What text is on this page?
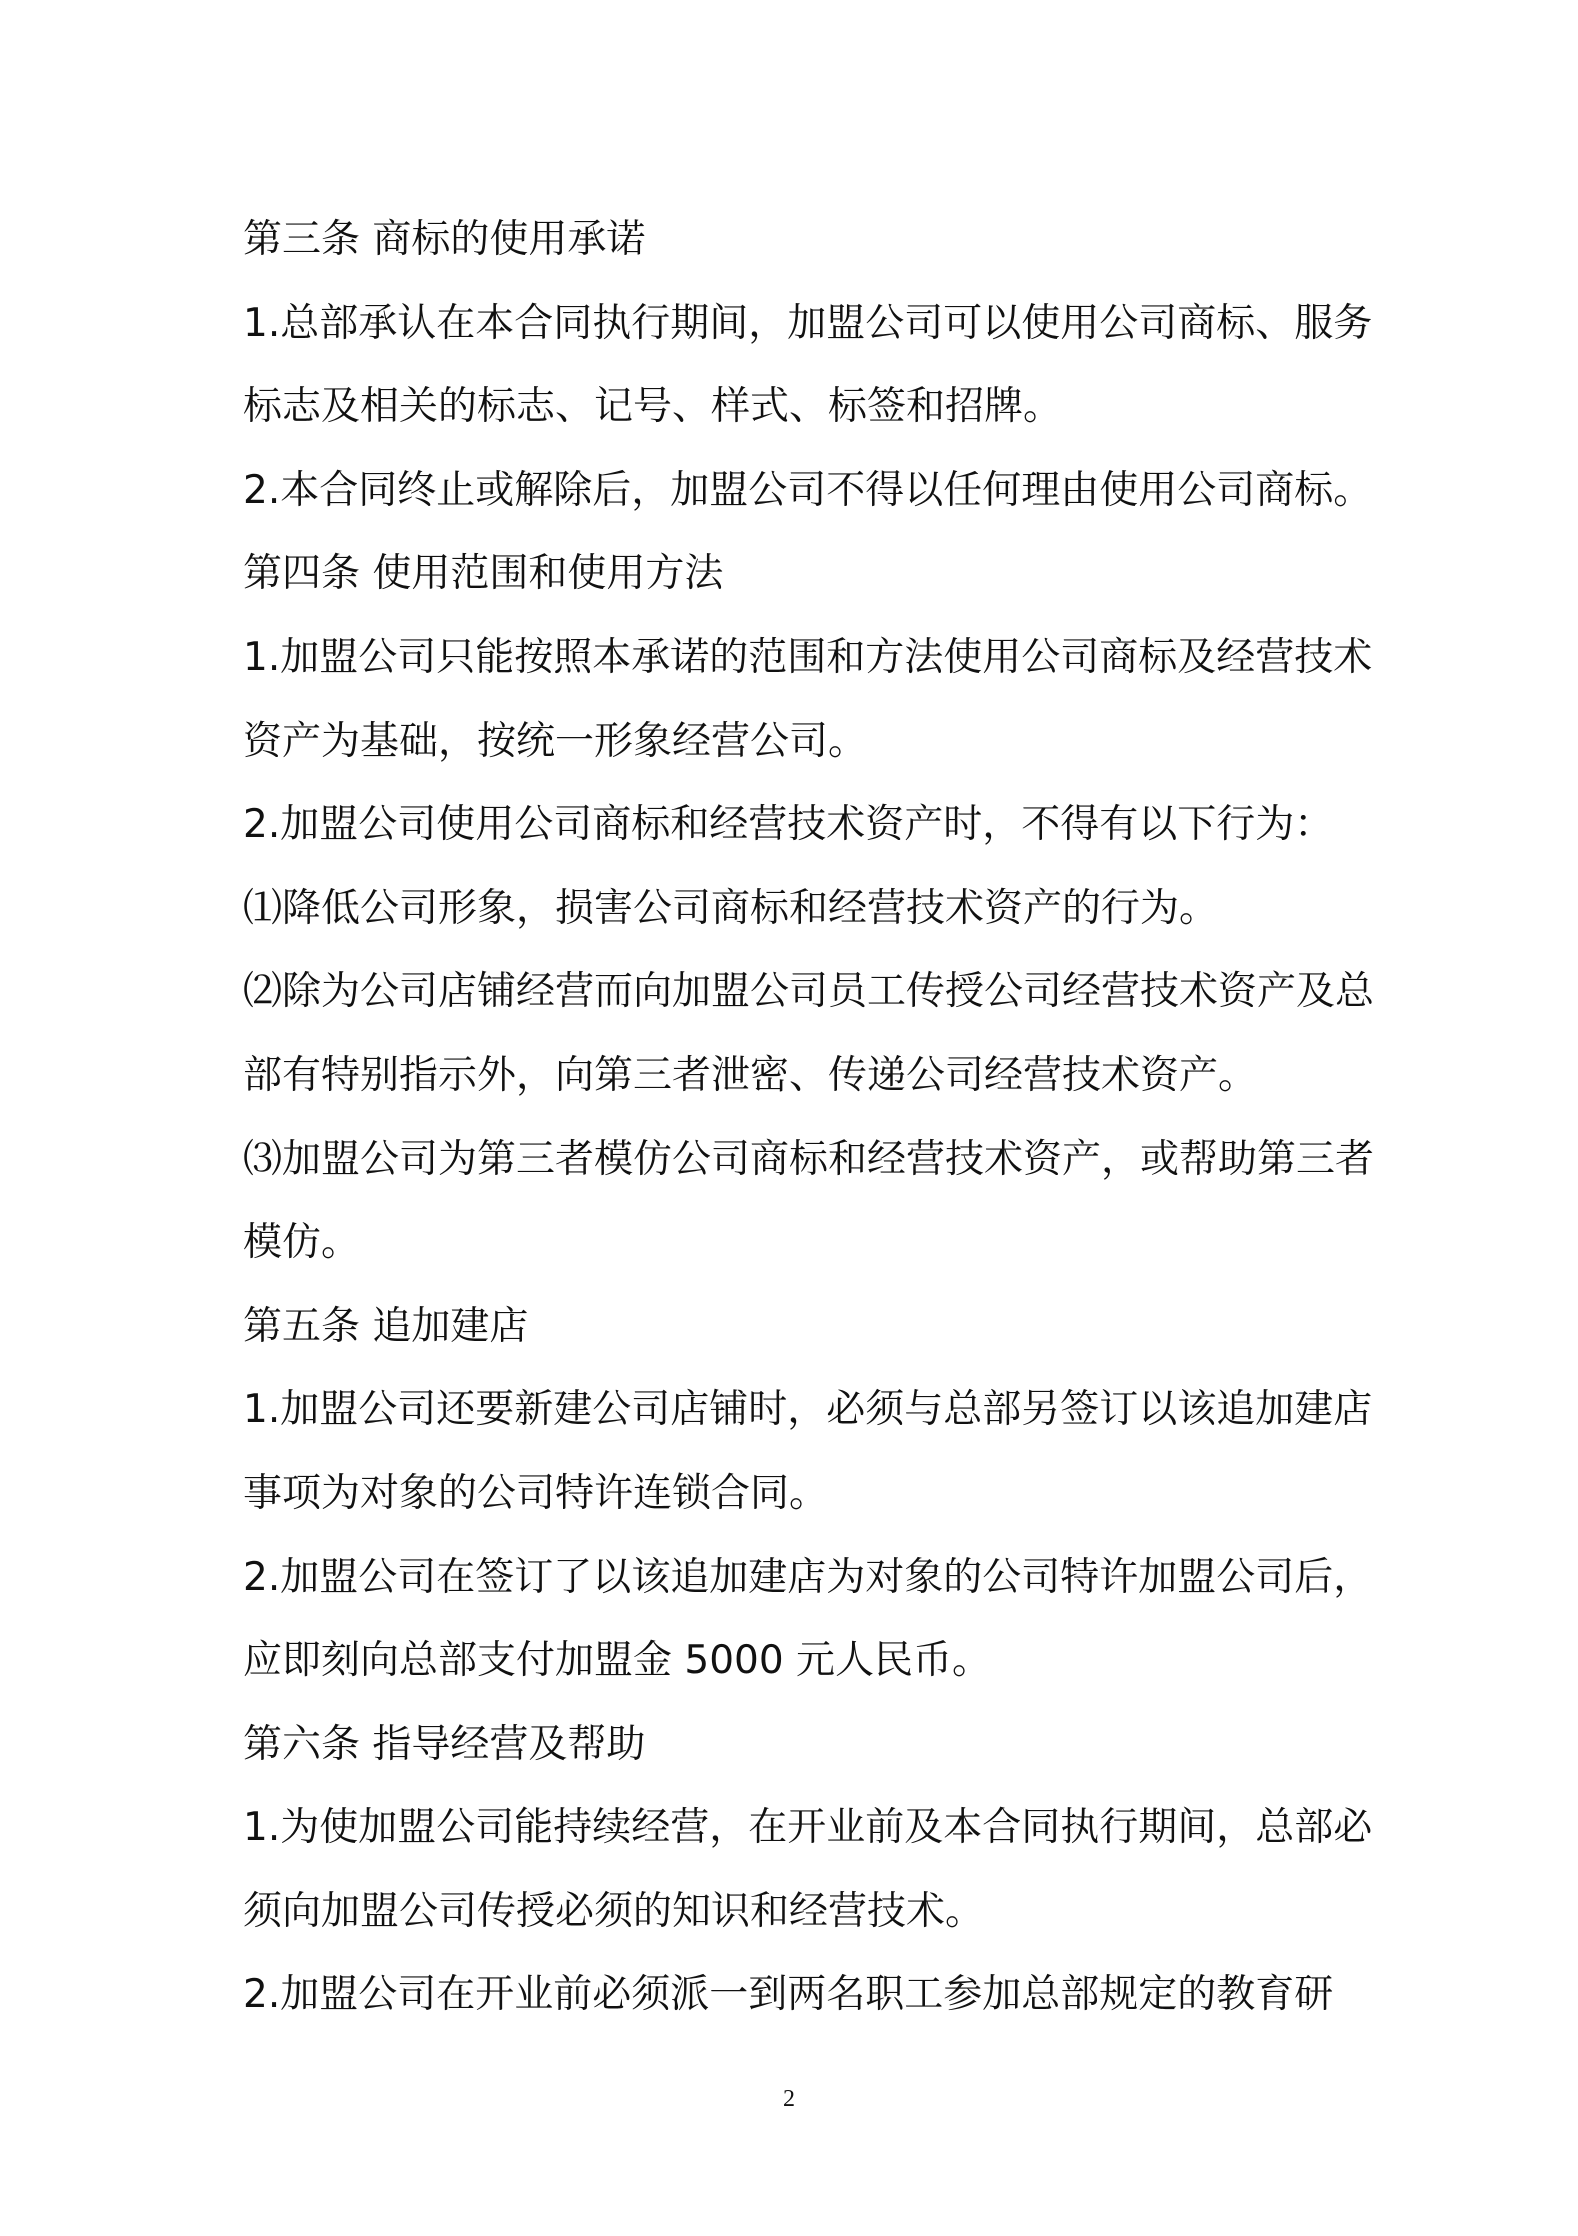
第三条 商标的使用承诺

1.总部承认在本合同执行期间，加盟公司可以使用公司商标、服务

标志及相关的标志、记号、样式、标签和招牌。

2.本合同终止或解除后，加盟公司不得以任何理由使用公司商标。

第四条 使用范围和使用方法

1.加盟公司只能按照本承诺的范围和方法使用公司商标及经营技术

资产为基础，按统一形象经营公司。

2.加盟公司使用公司商标和经营技术资产时，不得有以下行为：

⑴降低公司形象，损害公司商标和经营技术资产的行为。

⑵除为公司店铺经营而向加盟公司员工传授公司经营技术资产及总

部有特别指示外，向第三者泄密、传递公司经营技术资产。

⑶加盟公司为第三者模仿公司商标和经营技术资产，或帮助第三者

模仿。

第五条 追加建店

1.加盟公司还要新建公司店铺时，必须与总部另签订以该追加建店

事项为对象的公司特许连锁合同。

2.加盟公司在签订了以该追加建店为对象的公司特许加盟公司后，

应即刻向总部支付加盟金 5000 元人民币。

第六条 指导经营及帮助

1.为使加盟公司能持续经营，在开业前及本合同执行期间，总部必

须向加盟公司传授必须的知识和经营技术。

2.加盟公司在开业前必须派一到两名职工参加总部规定的教育研

2
